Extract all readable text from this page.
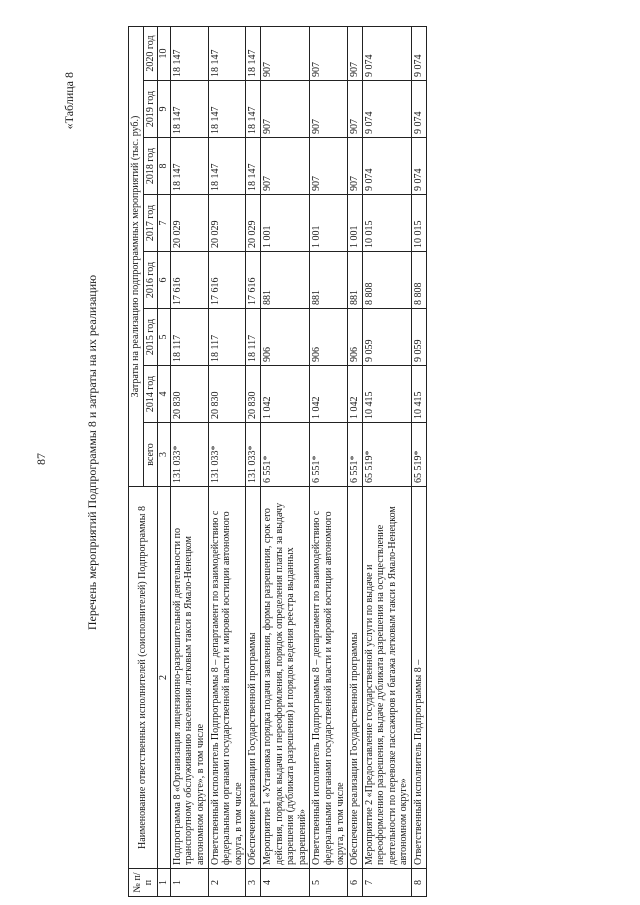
87
«Таблица 8
Перечень мероприятий Подпрограммы 8 и затраты на их реализацию
№ п/п	Наименование ответственных исполнителей (соисполнителей) Подпрограммы 8	Затраты на реализацию подпрограммных мероприятий (тыс. руб.)							
		всего	2014 год	2015 год	2016 год	2017 год	2018 год	2019 год	2020 год
1	2	3	4	5	6	7	8	9	10
1	Подпрограмма 8 «Организация лицензионно-разрешительной деятельности по транспортному обслуживанию населения легковым такси в Ямало-Ненецком автономном округе», в том числе	131 033*	20 830	18 117	17 616	20 029	18 147	18 147	18 147
2	Ответственный исполнитель Подпрограммы 8 – департамент по взаимодействию с федеральными органами государственной власти и мировой юстиции автономного округа, в том числе	131 033*	20 830	18 117	17 616	20 029	18 147	18 147	18 147
3	Обеспечение реализации Государственной программы	131 033*	20 830	18 117	17 616	20 029	18 147	18 147	18 147
4	Мероприятие 1 «Установка порядка подачи заявления, формы разрешения, срок его действия, порядок выдачи и переоформления, порядок определения платы за выдачу разрешения (дубликата разрешения) и порядок ведения реестра выданных разрешений»	6 551*	1 042	906	881	1 001	907	907	907
5	Ответственный исполнитель Подпрограммы 8 – департамент по взаимодействию с федеральными органами государственной власти и мировой юстиции автономного округа, в том числе	6 551*	1 042	906	881	1 001	907	907	907
6	Обеспечение реализации Государственной программы	6 551*	1 042	906	881	1 001	907	907	907
7	Мероприятие 2 «Предоставление государственной услуги по выдаче и переоформлению разрешения, выдаче дубликата разрешения на осуществление деятельности по перевозке пассажиров и багажа легковым такси в Ямало-Ненецком автономном округе»	65 519*	10 415	9 059	8 808	10 015	9 074	9 074	9 074
8	Ответственный исполнитель Подпрограммы 8 –	65 519*	10 415	9 059	8 808	10 015	9 074	9 074	9 074
